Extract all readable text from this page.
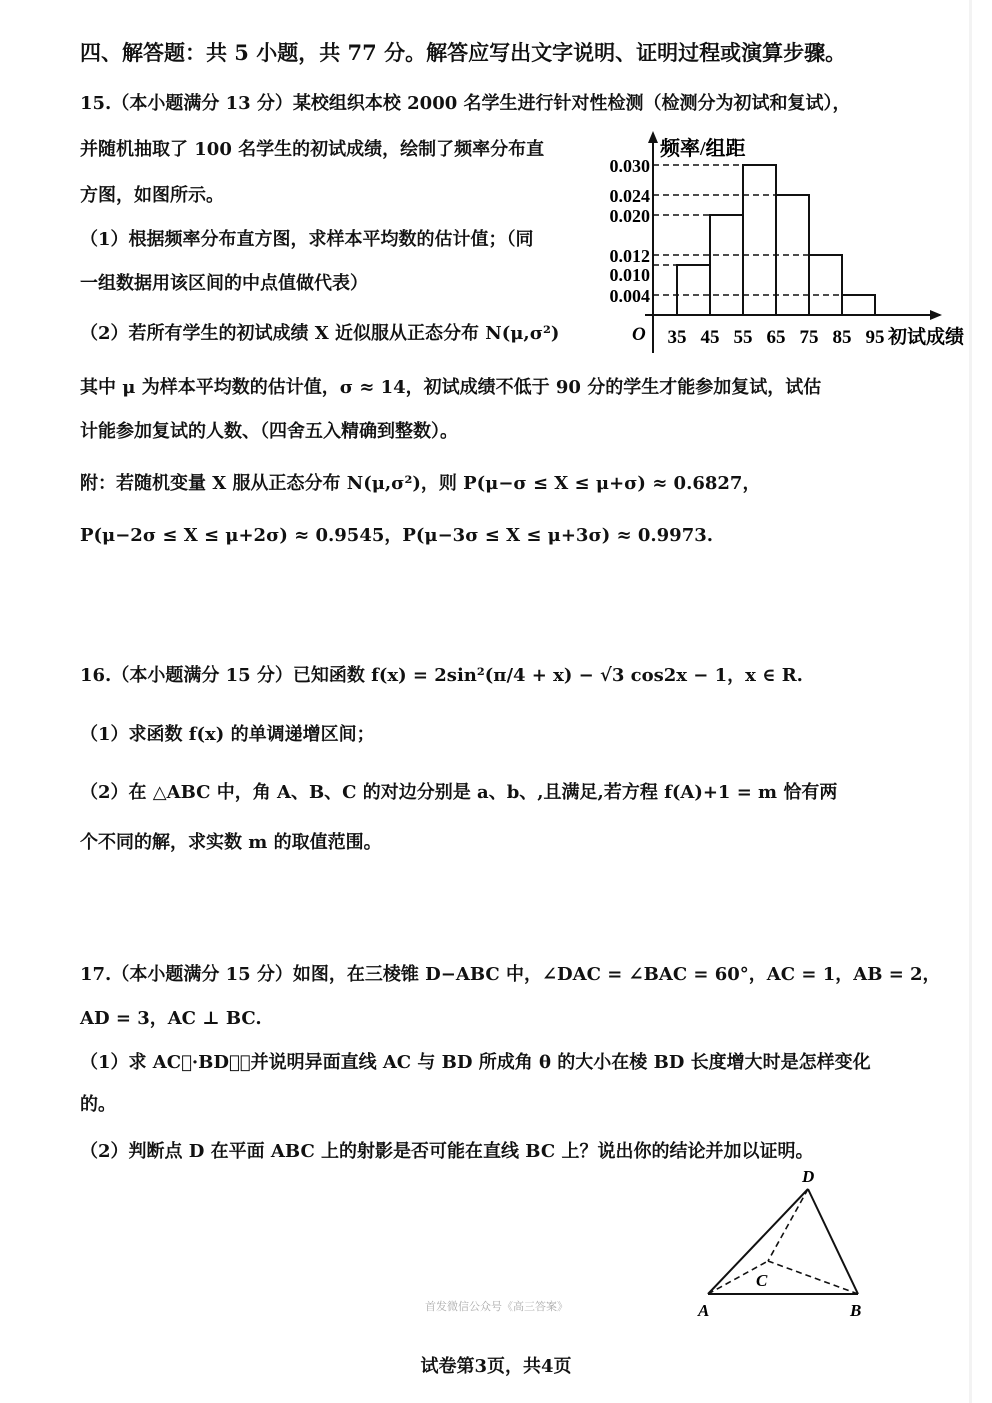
四、解答题：共 5 小题，共 77 分。解答应写出文字说明、证明过程或演算步骤。
15.（本小题满分 13 分）某校组织本校 2000 名学生进行针对性检测（检测分为初试和复试），
并随机抽取了 100 名学生的初试成绩，绘制了频率分布直
方图，如图所示。
（1）根据频率分布直方图，求样本平均数的估计值；（同
一组数据用该区间的中点值做代表）
（2）若所有学生的初试成绩 X 近似服从正态分布 N(μ,σ²)
其中 μ 为样本平均数的估计值，σ ≈ 14，初试成绩不低于 90 分的学生才能参加复试，试估
计能参加复试的人数、（四舍五入精确到整数）。
附：若随机变量 X 服从正态分布 N(μ,σ²)，则 P(μ−σ ≤ X ≤ μ+σ) ≈ 0.6827，
P(μ−2σ ≤ X ≤ μ+2σ) ≈ 0.9545，P(μ−3σ ≤ X ≤ μ+3σ) ≈ 0.9973.
频率/组距
O
0.030
0.024
0.020
0.012
0.010
0.004
35 45 55 65 75 85 95 初试成绩
16.（本小题满分 15 分）已知函数 f(x) = 2sin²(π/4 + x) − √3 cos2x − 1，x ∈ R.
（1）求函数 f(x) 的单调递增区间；
（2）在 △ABC 中，角 A、B、C 的对边分别是 a、b、,且满足,若方程 f(A)+1 = m 恰有两
个不同的解，求实数 m 的取值范围。
17.（本小题满分 15 分）如图，在三棱锥 D−ABC 中，∠DAC = ∠BAC = 60°，AC = 1，AB = 2，
AD = 3，AC ⊥ BC.
（1）求 AC⃗·BD⃗，并说明异面直线 AC 与 BD 所成角 θ 的大小在棱 BD 长度增大时是怎样变化
的。
（2）判断点 D 在平面 ABC 上的射影是否可能在直线 BC 上？说出你的结论并加以证明。
D
C
A	B
首发微信公众号《高三答案》
试卷第3页，共4页
